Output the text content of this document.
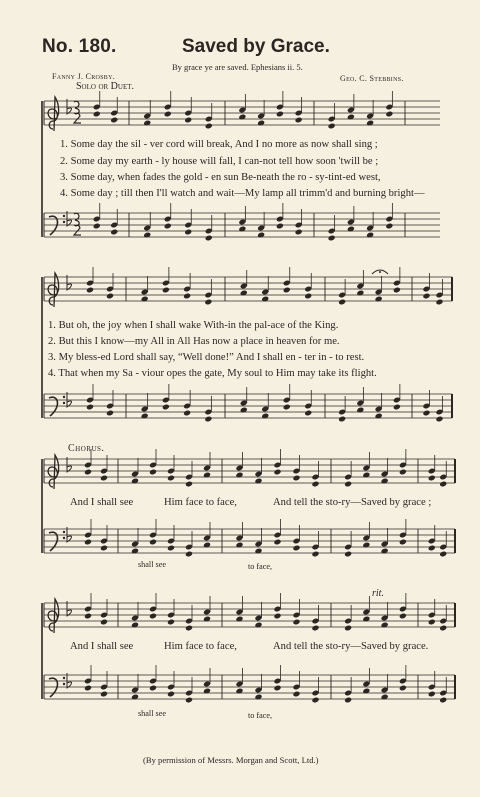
No. 180.	Saved by Grace.
By grace ye are saved. Ephesians ii. 5.
Fanny J. Crosby.	Geo. C. Stebbins.
Solo or Duet.
1. Some day the sil - ver cord will break, And I no more as now shall sing ;
2. Some day my earth - ly house will fall, I can-not tell how soon 'twill be ;
3. Some day, when fades the gold - en sun Be-neath the ro - sy-tint-ed west,
4. Some day ; till then I'll watch and wait—My lamp all trimm'd and burning bright—
1. But oh, the joy when I shall wake With-in the pal-ace of the King.
2. But this I know—my All in All Has now a place in heaven for me.
3. My bless-ed Lord shall say, “Well done!” And I shall en - ter in - to rest.
4. That when my Sa - viour opes the gate, My soul to Him may take its flight.
Chorus.
And I shall see	Him face to face,	And tell the sto-ry—Saved by grace ;
shall see	to face,
rit.
And I shall see	Him face to face,	And tell the sto-ry—Saved by grace.
shall see	to face,
(By permission of Messrs. Morgan and Scott, Ltd.)
